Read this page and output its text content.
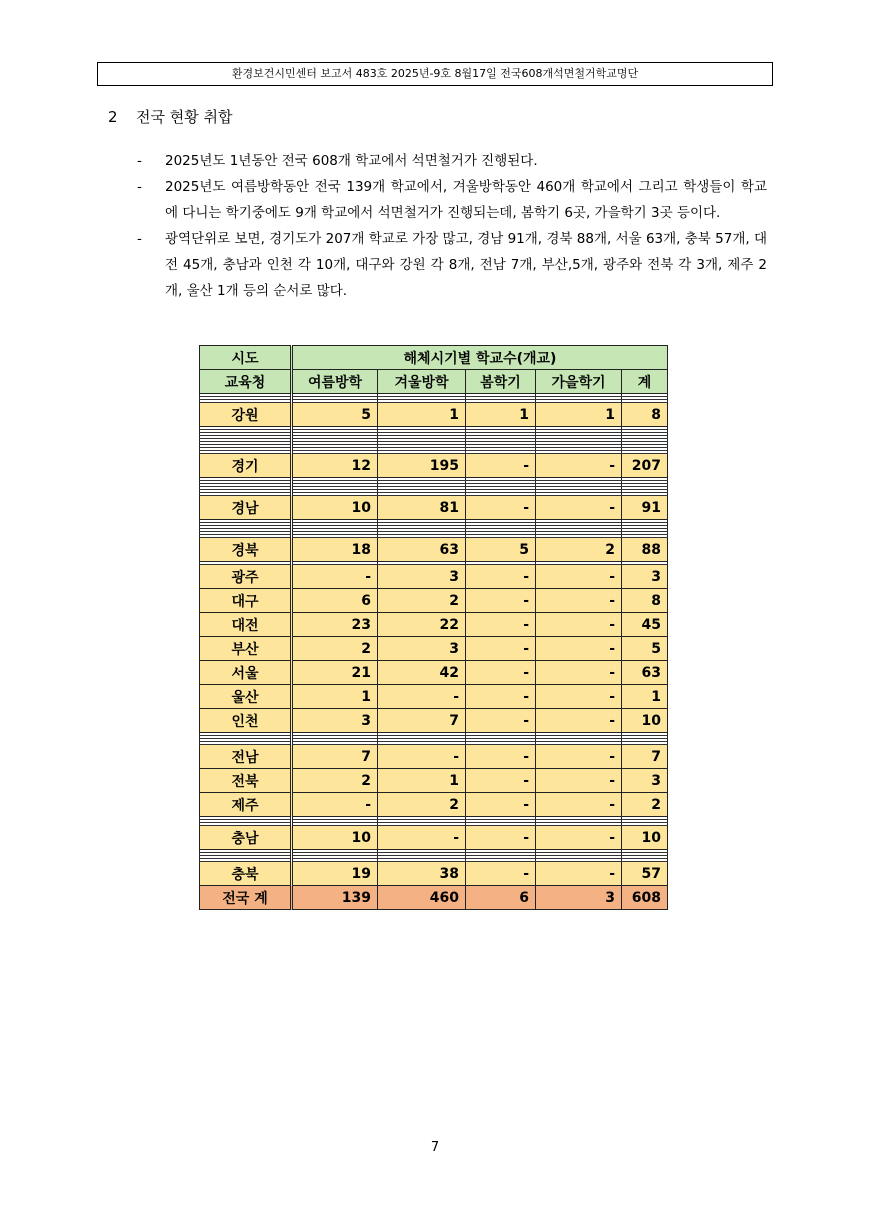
환경보건시민센터 보고서 483호 2025년-9호 8월17일 전국608개석면철거학교명단
2 전국 현황 취합
- 2025년도 1년동안 전국 608개 학교에서 석면철거가 진행된다.
- 2025년도 여름방학동안 전국 139개 학교에서, 겨울방학동안 460개 학교에서 그리고 학생들이 학교에 다니는 학기중에도 9개 학교에서 석면철거가 진행되는데, 봄학기 6곳, 가을학기 3곳 등이다.
- 광역단위로 보면, 경기도가 207개 학교로 가장 많고, 경남 91개, 경북 88개, 서울 63개, 충북 57개, 대전 45개, 충남과 인천 각 10개, 대구와 강원 각 8개, 전남 7개, 부산,5개, 광주와 전북 각 3개, 제주 2개, 울산 1개 등의 순서로 많다.
시도	해체시기별 학교수(개교)				
교육청	여름방학	겨울방학	봄학기	가을학기	계

강원	5	1	1	1	8

경기	12	195	-	-	207

경남	10	81	-	-	91

경북	18	63	5	2	88

광주	-	3	-	-	3
대구	6	2	-	-	8
대전	23	22	-	-	45
부산	2	3	-	-	5
서울	21	42	-	-	63
울산	1	-	-	-	1
인천	3	7	-	-	10

전남	7	-	-	-	7
전북	2	1	-	-	3
제주	-	2	-	-	2

충남	10	-	-	-	10

충북	19	38	-	-	57
전국 계	139	460	6	3	608
7
